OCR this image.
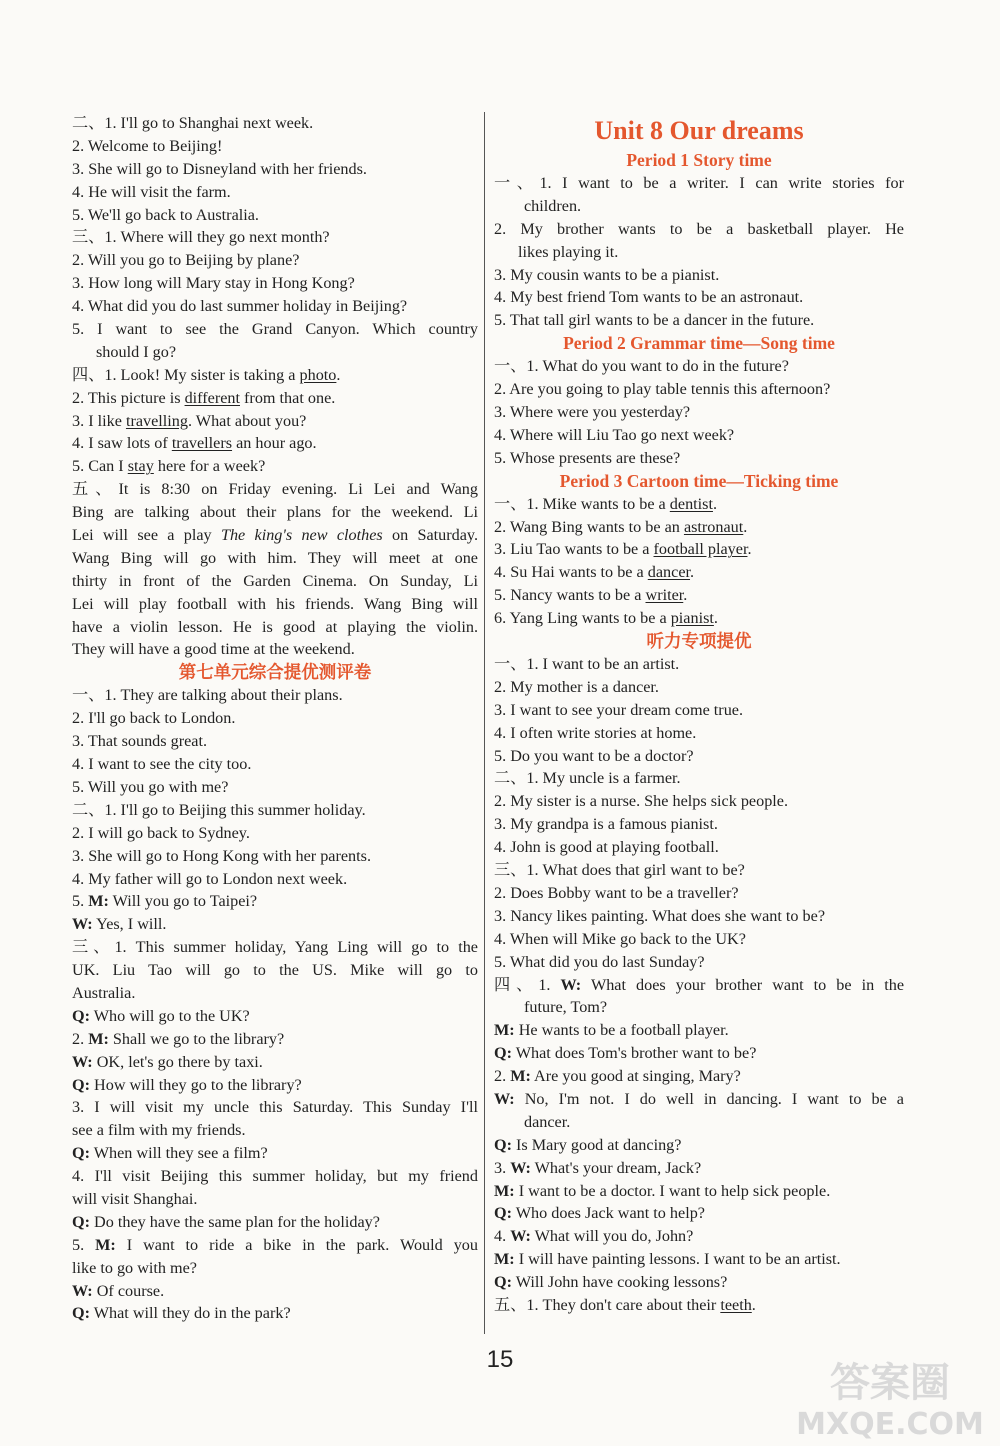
二、1. I'll go to Shanghai next week.
2. Welcome to Beijing!
3. She will go to Disneyland with her friends.
4. He will visit the farm.
5. We'll go back to Australia.
三、1. Where will they go next month?
2. Will you go to Beijing by plane?
3. How long will Mary stay in Hong Kong?
4. What did you do last summer holiday in Beijing?
5. I want to see the Grand Canyon. Which country
should I go?
四、1. Look! My sister is taking a photo.
2. This picture is different from that one.
3. I like travelling. What about you?
4. I saw lots of travellers an hour ago.
5. Can I stay here for a week?
五、It is 8:30 on Friday evening. Li Lei and Wang
Bing are talking about their plans for the weekend. Li
Lei will see a play The king's new clothes on Saturday.
Wang Bing will go with him. They will meet at one
thirty in front of the Garden Cinema. On Sunday, Li
Lei will play football with his friends. Wang Bing will
have a violin lesson. He is good at playing the violin.
They will have a good time at the weekend.
第七单元综合提优测评卷
一、1. They are talking about their plans.
2. I'll go back to London.
3. That sounds great.
4. I want to see the city too.
5. Will you go with me?
二、1. I'll go to Beijing this summer holiday.
2. I will go back to Sydney.
3. She will go to Hong Kong with her parents.
4. My father will go to London next week.
5. M: Will you go to Taipei?
W: Yes, I will.
三、1. This summer holiday, Yang Ling will go to the
UK. Liu Tao will go to the US. Mike will go to
Australia.
Q: Who will go to the UK?
2. M: Shall we go to the library?
W: OK, let's go there by taxi.
Q: How will they go to the library?
3. I will visit my uncle this Saturday. This Sunday I'll
see a film with my friends.
Q: When will they see a film?
4. I'll visit Beijing this summer holiday, but my friend
will visit Shanghai.
Q: Do they have the same plan for the holiday?
5. M: I want to ride a bike in the park. Would you
like to go with me?
W: Of course.
Q: What will they do in the park?
Unit 8 Our dreams
Period 1 Story time
一、1. I want to be a writer. I can write stories for
children.
2. My brother wants to be a basketball player. He
likes playing it.
3. My cousin wants to be a pianist.
4. My best friend Tom wants to be an astronaut.
5. That tall girl wants to be a dancer in the future.
Period 2 Grammar time—Song time
一、1. What do you want to do in the future?
2. Are you going to play table tennis this afternoon?
3. Where were you yesterday?
4. Where will Liu Tao go next week?
5. Whose presents are these?
Period 3 Cartoon time—Ticking time
一、1. Mike wants to be a dentist.
2. Wang Bing wants to be an astronaut.
3. Liu Tao wants to be a football player.
4. Su Hai wants to be a dancer.
5. Nancy wants to be a writer.
6. Yang Ling wants to be a pianist.
听力专项提优
一、1. I want to be an artist.
2. My mother is a dancer.
3. I want to see your dream come true.
4. I often write stories at home.
5. Do you want to be a doctor?
二、1. My uncle is a farmer.
2. My sister is a nurse. She helps sick people.
3. My grandpa is a famous pianist.
4. John is good at playing football.
三、1. What does that girl want to be?
2. Does Bobby want to be a traveller?
3. Nancy likes painting. What does she want to be?
4. When will Mike go back to the UK?
5. What did you do last Sunday?
四、1. W: What does your brother want to be in the
future, Tom?
M: He wants to be a football player.
Q: What does Tom's brother want to be?
2. M: Are you good at singing, Mary?
W: No, I'm not. I do well in dancing. I want to be a
dancer.
Q: Is Mary good at dancing?
3. W: What's your dream, Jack?
M: I want to be a doctor. I want to help sick people.
Q: Who does Jack want to help?
4. W: What will you do, John?
M: I will have painting lessons. I want to be an artist.
Q: Will John have cooking lessons?
五、1. They don't care about their teeth.
15
答案圈
MXQE.COM
